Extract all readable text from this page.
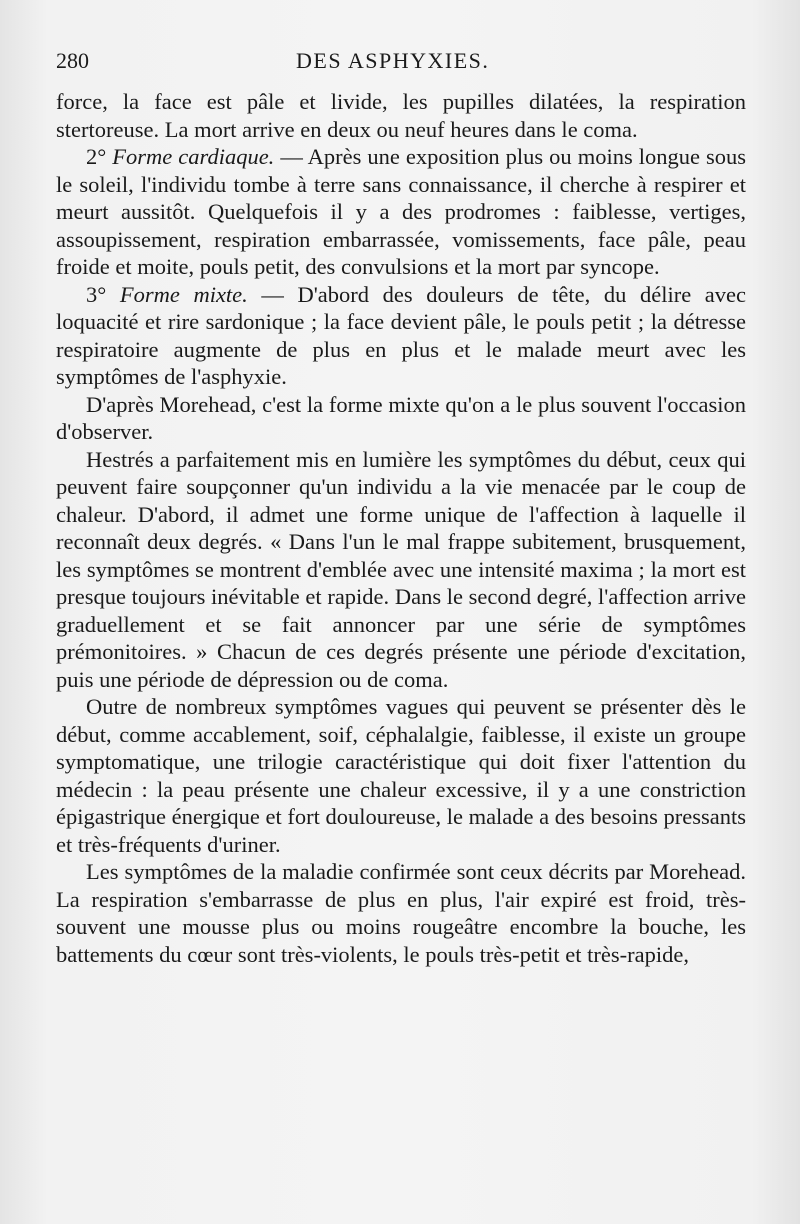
280	DES ASPHYXIES.

force, la face est pâle et livide, les pupilles dilatées, la respiration stertoreuse. La mort arrive en deux ou neuf heures dans le coma.

2° Forme cardiaque. — Après une exposition plus ou moins longue sous le soleil, l'individu tombe à terre sans connaissance, il cherche à respirer et meurt aussitôt. Quelquefois il y a des prodromes : faiblesse, vertiges, assoupissement, respiration embarrassée, vomissements, face pâle, peau froide et moite, pouls petit, des convulsions et la mort par syncope.

3° Forme mixte. — D'abord des douleurs de tête, du délire avec loquacité et rire sardonique ; la face devient pâle, le pouls petit ; la détresse respiratoire augmente de plus en plus et le malade meurt avec les symptômes de l'asphyxie.

D'après Morehead, c'est la forme mixte qu'on a le plus souvent l'occasion d'observer.

Hestrés a parfaitement mis en lumière les symptômes du début, ceux qui peuvent faire soupçonner qu'un individu a la vie menacée par le coup de chaleur. D'abord, il admet une forme unique de l'affection à laquelle il reconnaît deux degrés. « Dans l'un le mal frappe subitement, brusquement, les symptômes se montrent d'emblée avec une intensité maxima ; la mort est presque toujours inévitable et rapide. Dans le second degré, l'affection arrive graduellement et se fait annoncer par une série de symptômes prémonitoires. » Chacun de ces degrés présente une période d'excitation, puis une période de dépression ou de coma.

Outre de nombreux symptômes vagues qui peuvent se présenter dès le début, comme accablement, soif, céphalalgie, faiblesse, il existe un groupe symptomatique, une trilogie caractéristique qui doit fixer l'attention du médecin : la peau présente une chaleur excessive, il y a une constriction épigastrique énergique et fort douloureuse, le malade a des besoins pressants et très-fréquents d'uriner.

Les symptômes de la maladie confirmée sont ceux décrits par Morehead. La respiration s'embarrasse de plus en plus, l'air expiré est froid, très-souvent une mousse plus ou moins rougeâtre encombre la bouche, les battements du cœur sont très-violents, le pouls très-petit et très-rapide,
